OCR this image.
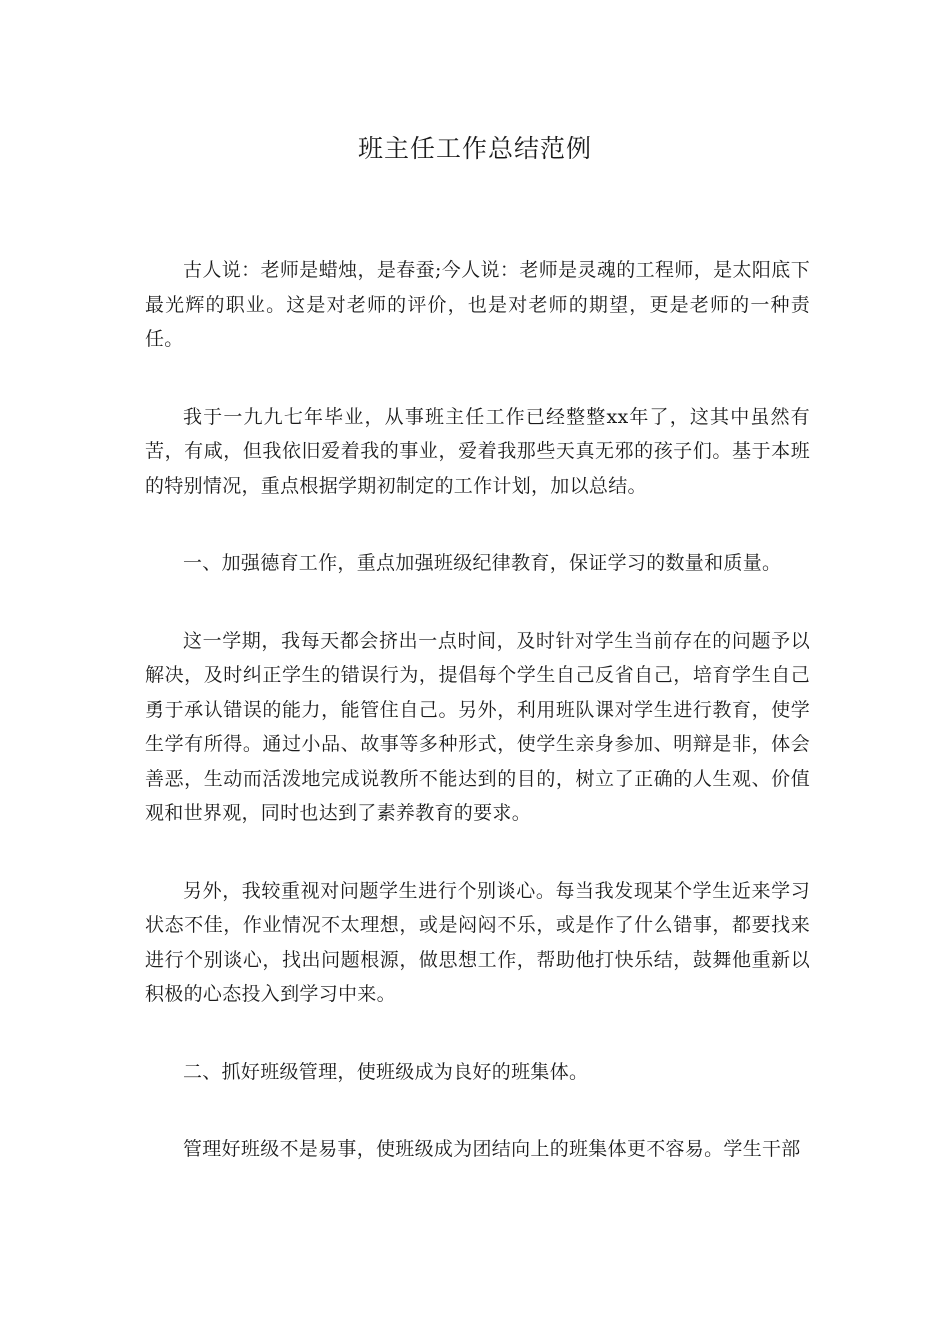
班主任工作总结范例

古人说：老师是蜡烛，是春蚕;今人说：老师是灵魂的工程师，是太阳底下最光辉的职业。这是对老师的评价，也是对老师的期望，更是老师的一种责任。

我于一九九七年毕业，从事班主任工作已经整整xx年了，这其中虽然有苦，有咸，但我依旧爱着我的事业，爱着我那些天真无邪的孩子们。基于本班的特别情况，重点根据学期初制定的工作计划，加以总结。

一、加强德育工作，重点加强班级纪律教育，保证学习的数量和质量。

这一学期，我每天都会挤出一点时间，及时针对学生当前存在的问题予以解决，及时纠正学生的错误行为，提倡每个学生自己反省自己，培育学生自己勇于承认错误的能力，能管住自己。另外，利用班队课对学生进行教育，使学生学有所得。通过小品、故事等多种形式，使学生亲身参加、明辩是非，体会善恶，生动而活泼地完成说教所不能达到的目的，树立了正确的人生观、价值观和世界观，同时也达到了素养教育的要求。

另外，我较重视对问题学生进行个别谈心。每当我发现某个学生近来学习状态不佳，作业情况不太理想，或是闷闷不乐，或是作了什么错事，都要找来进行个别谈心，找出问题根源，做思想工作，帮助他打快乐结，鼓舞他重新以积极的心态投入到学习中来。

二、抓好班级管理，使班级成为良好的班集体。

管理好班级不是易事，使班级成为团结向上的班集体更不容易。学生干部
